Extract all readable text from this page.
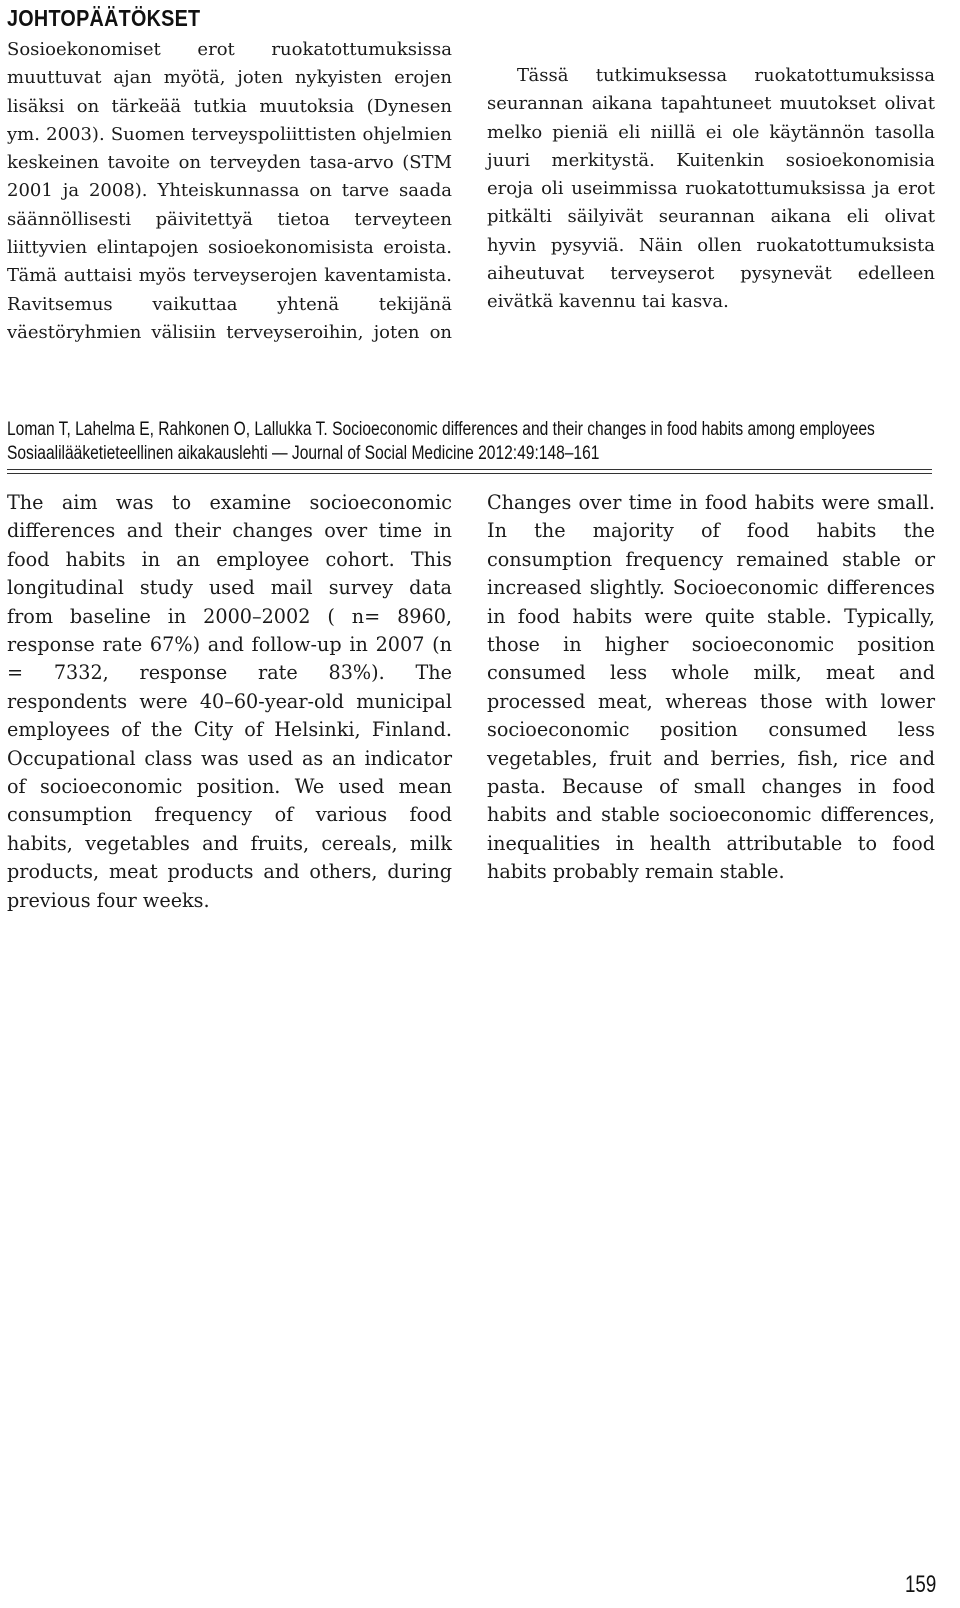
JOHTOPÄÄTÖKSET

Sosioekonomiset erot ruokatottumuksissa muuttuvat ajan myötä, joten nykyisten erojen lisäksi on tärkeää tutkia muutoksia (Dynesen ym. 2003). Suomen terveyspoliittisten ohjelmien keskeinen tavoite on terveyden tasa-arvo (STM 2001 ja 2008). Yhteiskunnassa on tarve saada säännöllisesti päivitettyä tietoa terveyteen liittyvien elintapojen sosioekonomisista eroista. Tämä auttaisi myös terveyserojen kaventamista. Ravitsemus vaikuttaa yhtenä tekijänä väestöryhmien välisiin terveyseroihin, joten on

Tässä tutkimuksessa ruokatottumuksissa seurannan aikana tapahtuneet muutokset olivat melko pieniä eli niillä ei ole käytännön tasolla juuri merkitystä. Kuitenkin sosioekonomisia eroja oli useimmissa ruokatottumuksissa ja erot pitkälti säilyivät seurannan aikana eli olivat hyvin pysyviä. Näin ollen ruokatottumuksista aiheutuvat terveyserot pysynevät edelleen eivätkä kavennu tai kasva.

Loman T, Lahelma E, Rahkonen O, Lallukka T. Socioeconomic differences and their changes in food habits among employees
Sosiaalilääketieteellinen aikakauslehti — Journal of Social Medicine 2012:49:148–161

The aim was to examine socioeconomic differences and their changes over time in food habits in an employee cohort. This longitudinal study used mail survey data from baseline in 2000–2002 ( n= 8960, response rate 67%) and follow-up in 2007 (n = 7332, response rate 83%). The respondents were 40–60-year-old municipal employees of the City of Helsinki, Finland. Occupational class was used as an indicator of socioeconomic position. We used mean consumption frequency of various food habits, vegetables and fruits, cereals, milk products, meat products and others, during previous four weeks.

Changes over time in food habits were small. In the majority of food habits the consumption frequency remained stable or increased slightly. Socioeconomic differences in food habits were quite stable. Typically, those in higher socioeconomic position consumed less whole milk, meat and processed meat, whereas those with lower socioeconomic position consumed less vegetables, fruit and berries, fish, rice and pasta. Because of small changes in food habits and stable socioeconomic differences, inequalities in health attributable to food habits probably remain stable.

159
